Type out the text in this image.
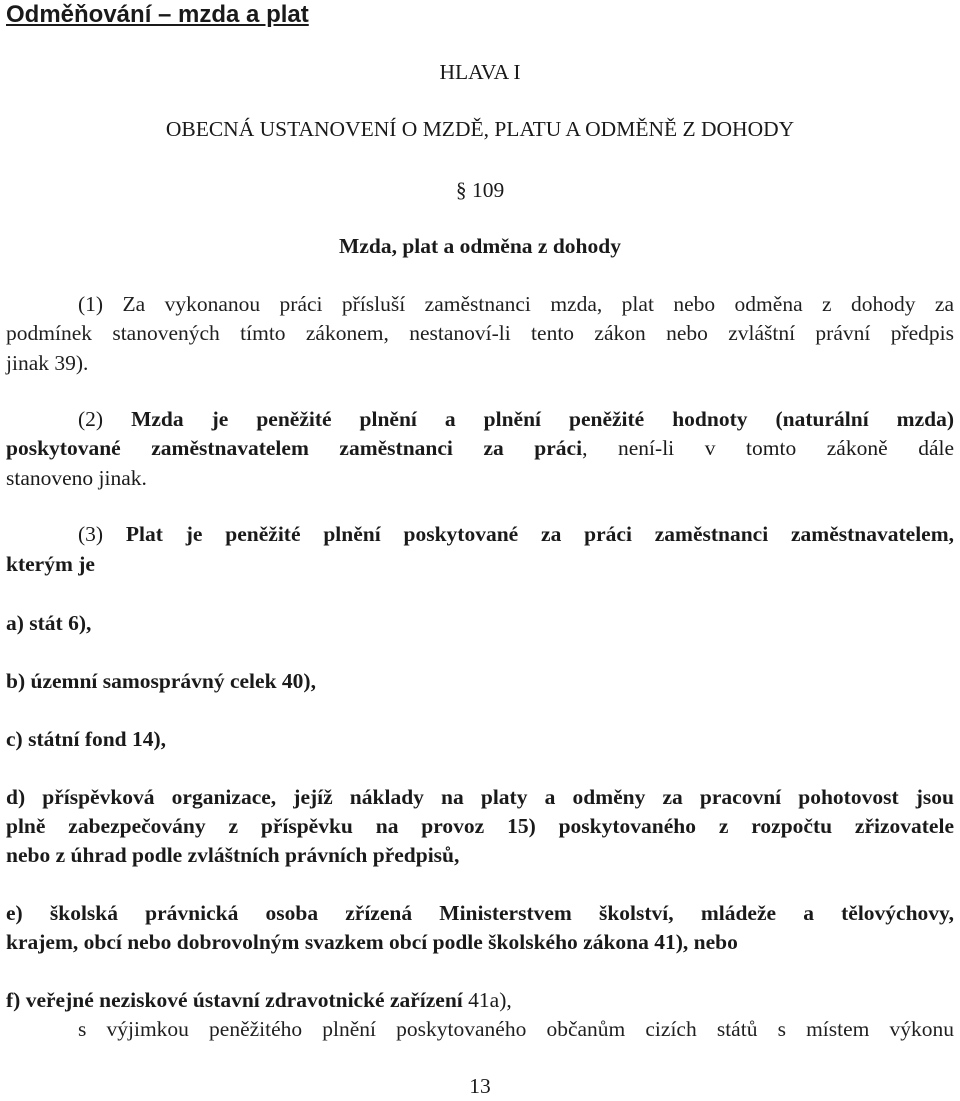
Odměňování – mzda a plat
HLAVA I
OBECNÁ USTANOVENÍ O MZDĚ, PLATU A ODMĚNĚ Z DOHODY
§ 109
Mzda, plat a odměna z dohody
(1) Za vykonanou práci přísluší zaměstnanci mzda, plat nebo odměna z dohody za
podmínek stanovených tímto zákonem, nestanoví-li tento zákon nebo zvláštní právní předpis
jinak 39).
(2) Mzda je peněžité plnění a plnění peněžité hodnoty (naturální mzda)
poskytované zaměstnavatelem zaměstnanci za práci, není-li v tomto zákoně dále
stanoveno jinak.
(3) Plat je peněžité plnění poskytované za práci zaměstnanci zaměstnavatelem,
kterým je
a) stát 6),
b) územní samosprávný celek 40),
c) státní fond 14),
d) příspěvková organizace, jejíž náklady na platy a odměny za pracovní pohotovost jsou
plně zabezpečovány z příspěvku na provoz 15) poskytovaného z rozpočtu zřizovatele
nebo z úhrad podle zvláštních právních předpisů,
e) školská právnická osoba zřízená Ministerstvem školství, mládeže a tělovýchovy,
krajem, obcí nebo dobrovolným svazkem obcí podle školského zákona 41), nebo
f) veřejné neziskové ústavní zdravotnické zařízení 41a),
s výjimkou peněžitého plnění poskytovaného občanům cizích států s místem výkonu
13
